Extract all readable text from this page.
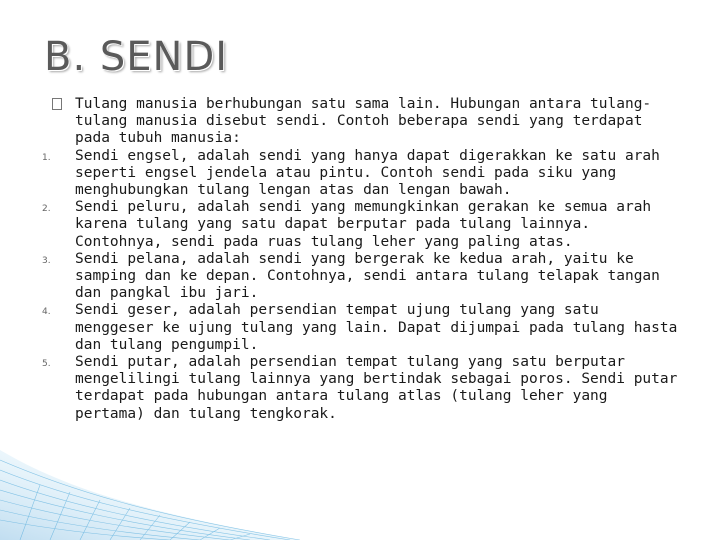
B. SENDI

Tulang manusia berhubungan satu sama lain. Hubungan antara tulang- tulang manusia disebut sendi. Contoh beberapa sendi yang terdapat pada tubuh manusia:

1.	Sendi engsel, adalah sendi yang hanya dapat digerakkan ke satu arah seperti engsel jendela atau pintu. Contoh sendi pada siku yang menghubungkan tulang lengan atas dan lengan bawah.

2.	Sendi peluru, adalah sendi yang memungkinkan gerakan ke semua arah karena tulang yang satu dapat berputar pada tulang lainnya. Contohnya, sendi pada ruas tulang leher yang paling atas.

3.	Sendi pelana, adalah sendi yang bergerak ke kedua arah, yaitu ke samping dan ke depan. Contohnya, sendi antara tulang telapak tangan dan pangkal ibu jari.

4.	Sendi geser, adalah persendian tempat ujung tulang yang satu menggeser ke ujung tulang yang lain. Dapat dijumpai pada tulang hasta dan tulang pengumpil.

5.	Sendi putar, adalah persendian tempat tulang yang satu berputar mengelilingi tulang lainnya yang bertindak sebagai poros. Sendi putar terdapat pada hubungan antara tulang atlas (tulang leher yang pertama) dan tulang tengkorak.
